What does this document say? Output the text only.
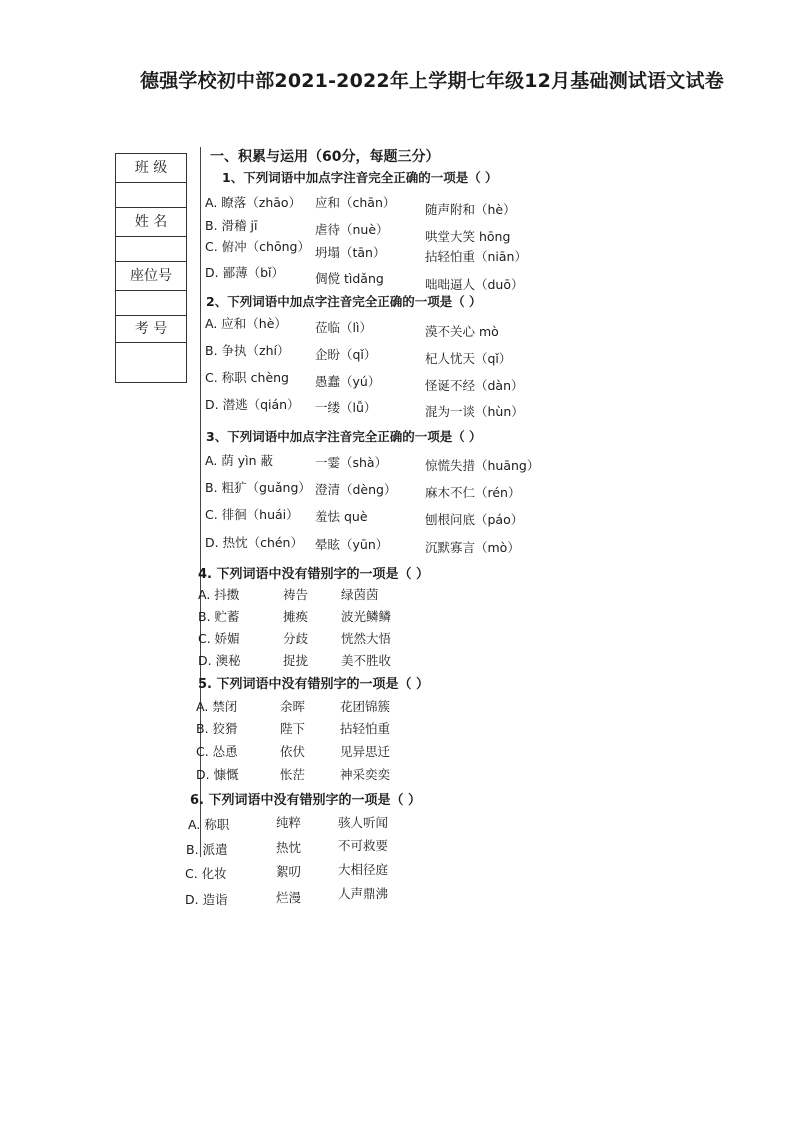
德强学校初中部2021-2022年上学期七年级12月基础测试语文试卷
班 级
姓 名
座位号
考 号
一、积累与运用（60分，每题三分）
1、下列词语中加点字注音完全正确的一项是（ ）
A. 瞭落（zhāo） 应和（chān） 随声附和（hè）
B. 滑稽 jī	虐待（nuè）	哄堂大笑 hōng
C. 俯冲（chōng） 坍塌（tān）	拈轻怕重（niān）
D. 鄙薄（bǐ） 倜傥 tìdǎng	咄咄逼人（duō）
2、下列词语中加点字注音完全正确的一项是（ ）
A. 应和（hè） 莅临（lì）	漠不关心 mò
B. 争执（zhí） 企盼（qǐ）	杞人忧天（qǐ）
C. 称职 chèng 愚蠢（yú）	怪诞不经（dàn）
D. 潜逃（qián） 一缕（lǚ）	混为一谈（hùn）
3、下列词语中加点字注音完全正确的一项是（ ）
A. 荫 yìn 蔽	一霎（shà）	惊慌失措（huāng）
B. 粗犷（guǎng） 澄清（dèng） 麻木不仁（rén）
C. 徘徊（huái） 羞怯 què	刨根问底（páo）
D. 热忱（chén） 晕眩（yūn）	沉默寡言（mò）
4. 下列词语中没有错别字的一项是（ ）
A. 抖擞	祷告	绿茵茵
B. 贮蓄	摊痪	波光鳞鳞
C. 娇媚	分歧	恍然大悟
D. 澳秘	捉拢	美不胜收
5. 下列词语中没有错别字的一项是（ ）
A. 禁闭	余晖	花团锦簇
B. 狡猾	陛下	拈轻怕重
C. 怂恿	依伏	见异思迁
D. 慷慨	怅茫	神采奕奕
6. 下列词语中没有错别字的一项是（ ）
A. 称职	纯粹	骇人听闻
B. 派遣	热忱	不可救要
C. 化妆	絮叨	大相径庭
D. 造诣	烂漫	人声鼎沸
